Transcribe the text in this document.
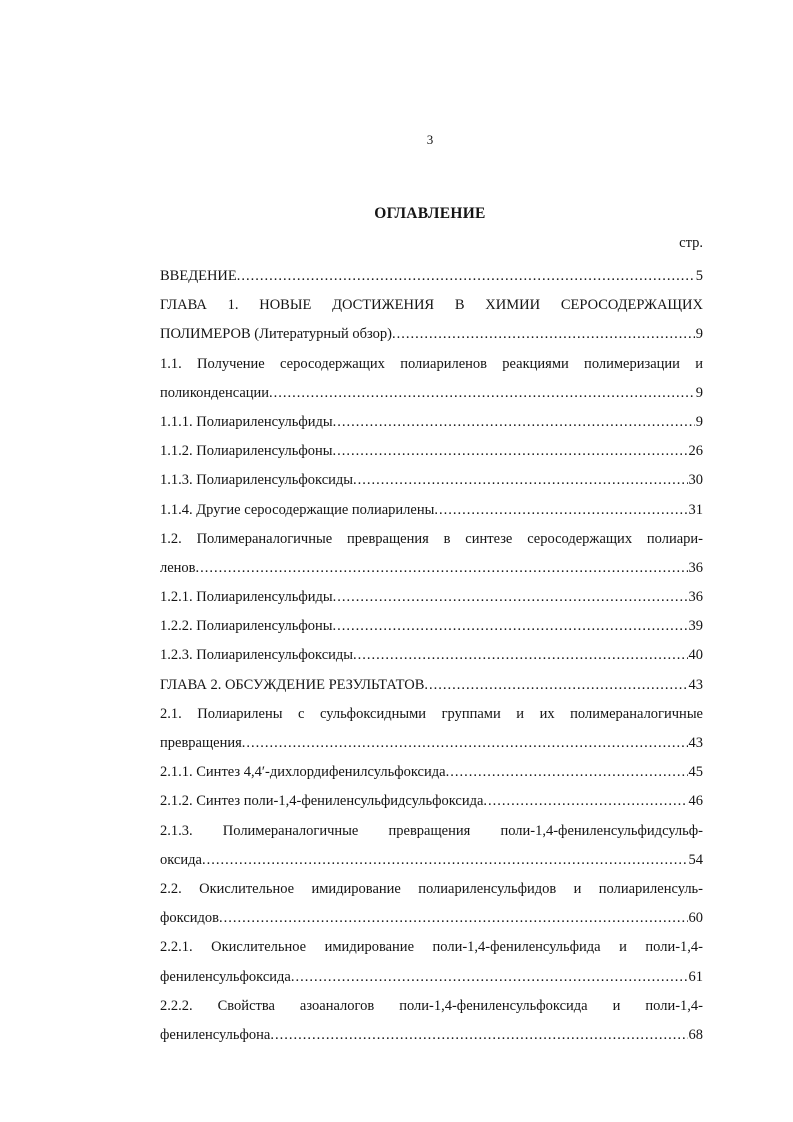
3
ОГЛАВЛЕНИЕ
стр.
ВВЕДЕНИЕ .....	5
ГЛАВА 1. НОВЫЕ ДОСТИЖЕНИЯ В ХИМИИ СЕРОСОДЕРЖАЩИХ
ПОЛИМЕРОВ (Литературный обзор) .....	9
1.1. Получение серосодержащих полиариленов реакциями полимеризации и
поликонденсации .....	9
1.1.1. Полиариленсульфиды .....	9
1.1.2. Полиариленсульфоны .....	26
1.1.3. Полиариленсульфоксиды .....	30
1.1.4. Другие серосодержащие полиарилены .....	31
1.2. Полимераналогичные превращения в синтезе серосодержащих полиари-
ленов .....	36
1.2.1. Полиариленсульфиды .....	36
1.2.2. Полиариленсульфоны .....	39
1.2.3. Полиариленсульфоксиды .....	40
ГЛАВА 2. ОБСУЖДЕНИЕ РЕЗУЛЬТАТОВ .....	43
2.1. Полиарилены с сульфоксидными группами и их полимераналогичные
превращения .....	43
2.1.1. Синтез 4,4′-дихлордифенилсульфоксида .....	45
2.1.2. Синтез поли-1,4-фениленсульфидсульфоксида .....	46
2.1.3. Полимераналогичные превращения поли-1,4-фениленсульфидсульф-
оксида .....	54
2.2. Окислительное имидирование полиариленсульфидов и полиариленсуль-
фоксидов .....	60
2.2.1. Окислительное имидирование поли-1,4-фениленсульфида и поли-1,4-
фениленсульфоксида .....	61
2.2.2. Свойства азоаналогов поли-1,4-фениленсульфоксида и поли-1,4-
фениленсульфона .....	68
